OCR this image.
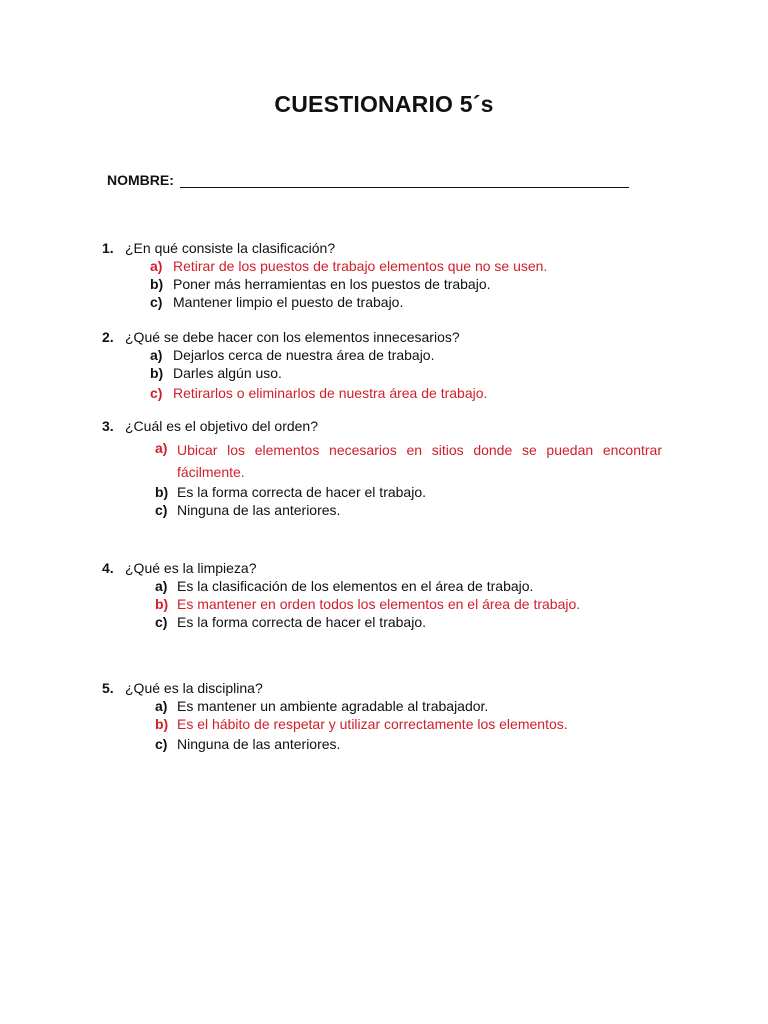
CUESTIONARIO 5´s
NOMBRE:
1. ¿En qué consiste la clasificación?
a) Retirar de los puestos de trabajo elementos que no se usen.
b) Poner más herramientas en los puestos de trabajo.
c) Mantener limpio el puesto de trabajo.
2. ¿Qué se debe hacer con los elementos innecesarios?
a) Dejarlos cerca de nuestra área de trabajo.
b) Darles algún uso.
c) Retirarlos o eliminarlos de nuestra área de trabajo.
3. ¿Cuál es el objetivo del orden?
a) Ubicar los elementos necesarios en sitios donde se puedan encontrar fácilmente.
b) Es la forma correcta de hacer el trabajo.
c) Ninguna de las anteriores.
4. ¿Qué es la limpieza?
a) Es la clasificación de los elementos en el área de trabajo.
b) Es mantener en orden todos los elementos en el área de trabajo.
c) Es la forma correcta de hacer el trabajo.
5. ¿Qué es la disciplina?
a) Es mantener un ambiente agradable al trabajador.
b) Es el hábito de respetar y utilizar correctamente los elementos.
c) Ninguna de las anteriores.
